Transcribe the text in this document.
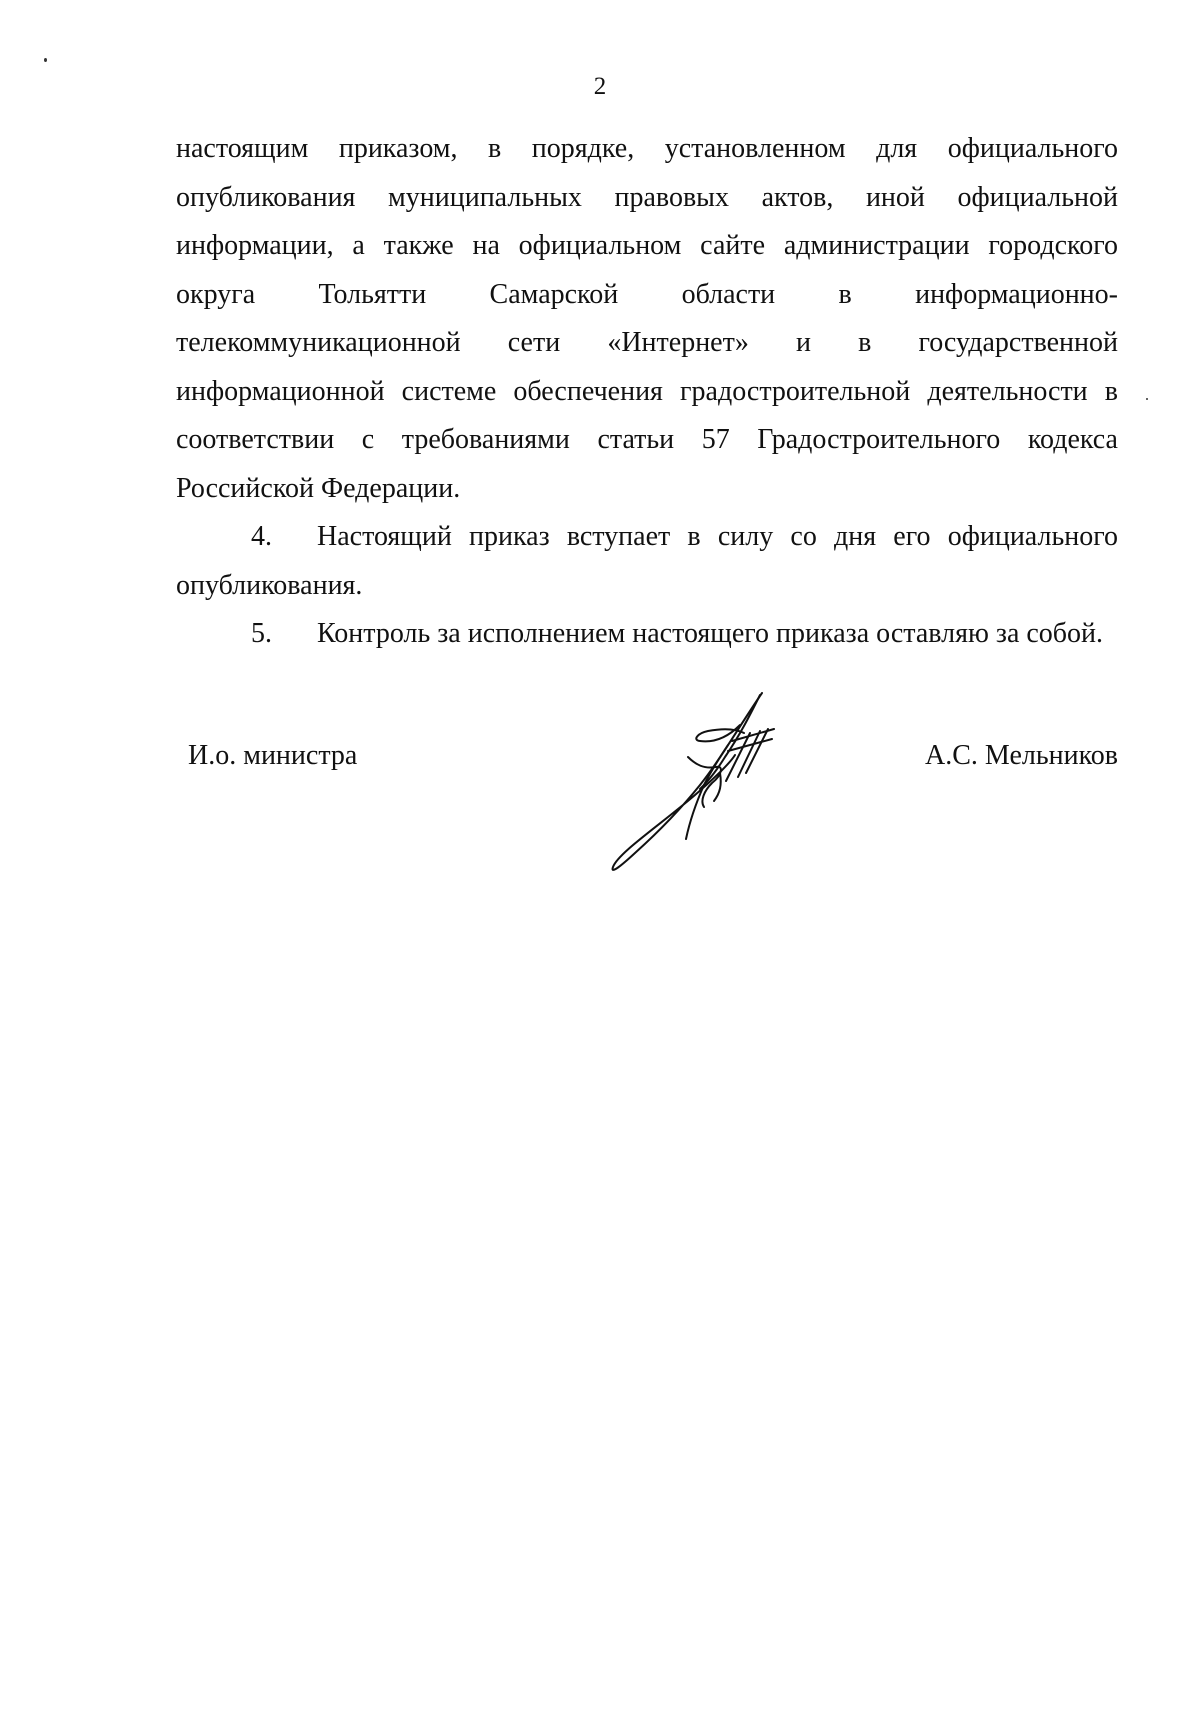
2

настоящим приказом, в порядке, установленном для официального опубликования муниципальных правовых актов, иной официальной информации, а также на официальном сайте администрации городского округа Тольятти Самарской области в информационно-телекоммуникационной сети «Интернет» и в государственной информационной системе обеспечения градостроительной деятельности в соответствии с требованиями статьи 57 Градостроительного кодекса Российской Федерации.

4. Настоящий приказ вступает в силу со дня его официального опубликования.

5. Контроль за исполнением настоящего приказа оставляю за собой.

И.о. министра	А.С. Мельников
